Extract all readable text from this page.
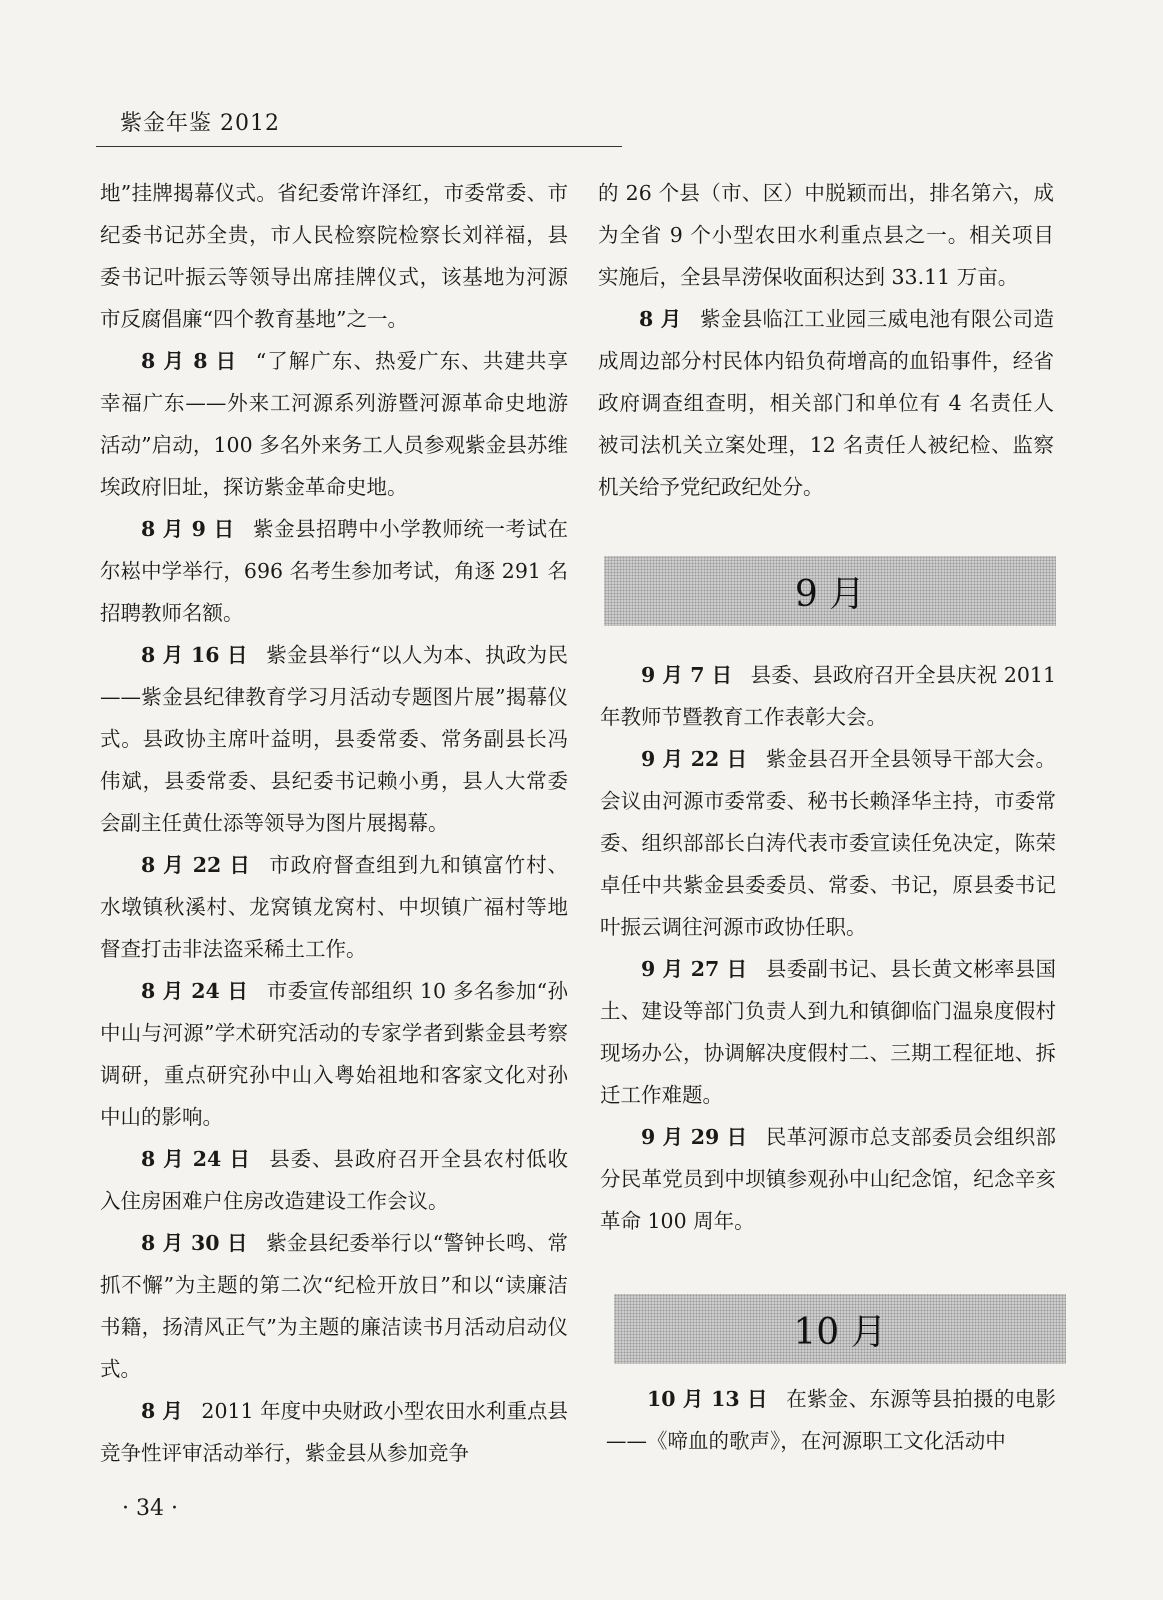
紫金年鉴 2012

地”挂牌揭幕仪式。省纪委常许泽红，市委常委、市纪委书记苏全贵，市人民检察院检察长刘祥福，县委书记叶振云等领导出席挂牌仪式，该基地为河源市反腐倡廉“四个教育基地”之一。

8 月 8 日 “了解广东、热爱广东、共建共享幸福广东——外来工河源系列游暨河源革命史地游活动”启动，100 多名外来务工人员参观紫金县苏维埃政府旧址，探访紫金革命史地。

8 月 9 日 紫金县招聘中小学教师统一考试在尔崧中学举行，696 名考生参加考试，角逐 291 名招聘教师名额。

8 月 16 日 紫金县举行“以人为本、执政为民——紫金县纪律教育学习月活动专题图片展”揭幕仪式。县政协主席叶益明，县委常委、常务副县长冯伟斌，县委常委、县纪委书记赖小勇，县人大常委会副主任黄仕添等领导为图片展揭幕。

8 月 22 日 市政府督查组到九和镇富竹村、水墩镇秋溪村、龙窝镇龙窝村、中坝镇广福村等地督查打击非法盗采稀土工作。

8 月 24 日 市委宣传部组织 10 多名参加“孙中山与河源”学术研究活动的专家学者到紫金县考察调研，重点研究孙中山入粤始祖地和客家文化对孙中山的影响。

8 月 24 日 县委、县政府召开全县农村低收入住房困难户住房改造建设工作会议。

8 月 30 日 紫金县纪委举行以“警钟长鸣、常抓不懈”为主题的第二次“纪检开放日”和以“读廉洁书籍，扬清风正气”为主题的廉洁读书月活动启动仪式。

8 月 2011 年度中央财政小型农田水利重点县竞争性评审活动举行，紫金县从参加竞争

的 26 个县（市、区）中脱颖而出，排名第六，成为全省 9 个小型农田水利重点县之一。相关项目实施后，全县旱涝保收面积达到 33.11 万亩。

8 月 紫金县临江工业园三威电池有限公司造成周边部分村民体内铅负荷增高的血铅事件，经省政府调查组查明，相关部门和单位有 4 名责任人被司法机关立案处理，12 名责任人被纪检、监察机关给予党纪政纪处分。

9 月

9 月 7 日 县委、县政府召开全县庆祝 2011 年教师节暨教育工作表彰大会。

9 月 22 日 紫金县召开全县领导干部大会。会议由河源市委常委、秘书长赖泽华主持，市委常委、组织部部长白涛代表市委宣读任免决定，陈荣卓任中共紫金县委委员、常委、书记，原县委书记叶振云调往河源市政协任职。

9 月 27 日 县委副书记、县长黄文彬率县国土、建设等部门负责人到九和镇御临门温泉度假村现场办公，协调解决度假村二、三期工程征地、拆迁工作难题。

9 月 29 日 民革河源市总支部委员会组织部分民革党员到中坝镇参观孙中山纪念馆，纪念辛亥革命 100 周年。

10 月

10 月 13 日 在紫金、东源等县拍摄的电影——《啼血的歌声》，在河源职工文化活动中

· 34 ·
